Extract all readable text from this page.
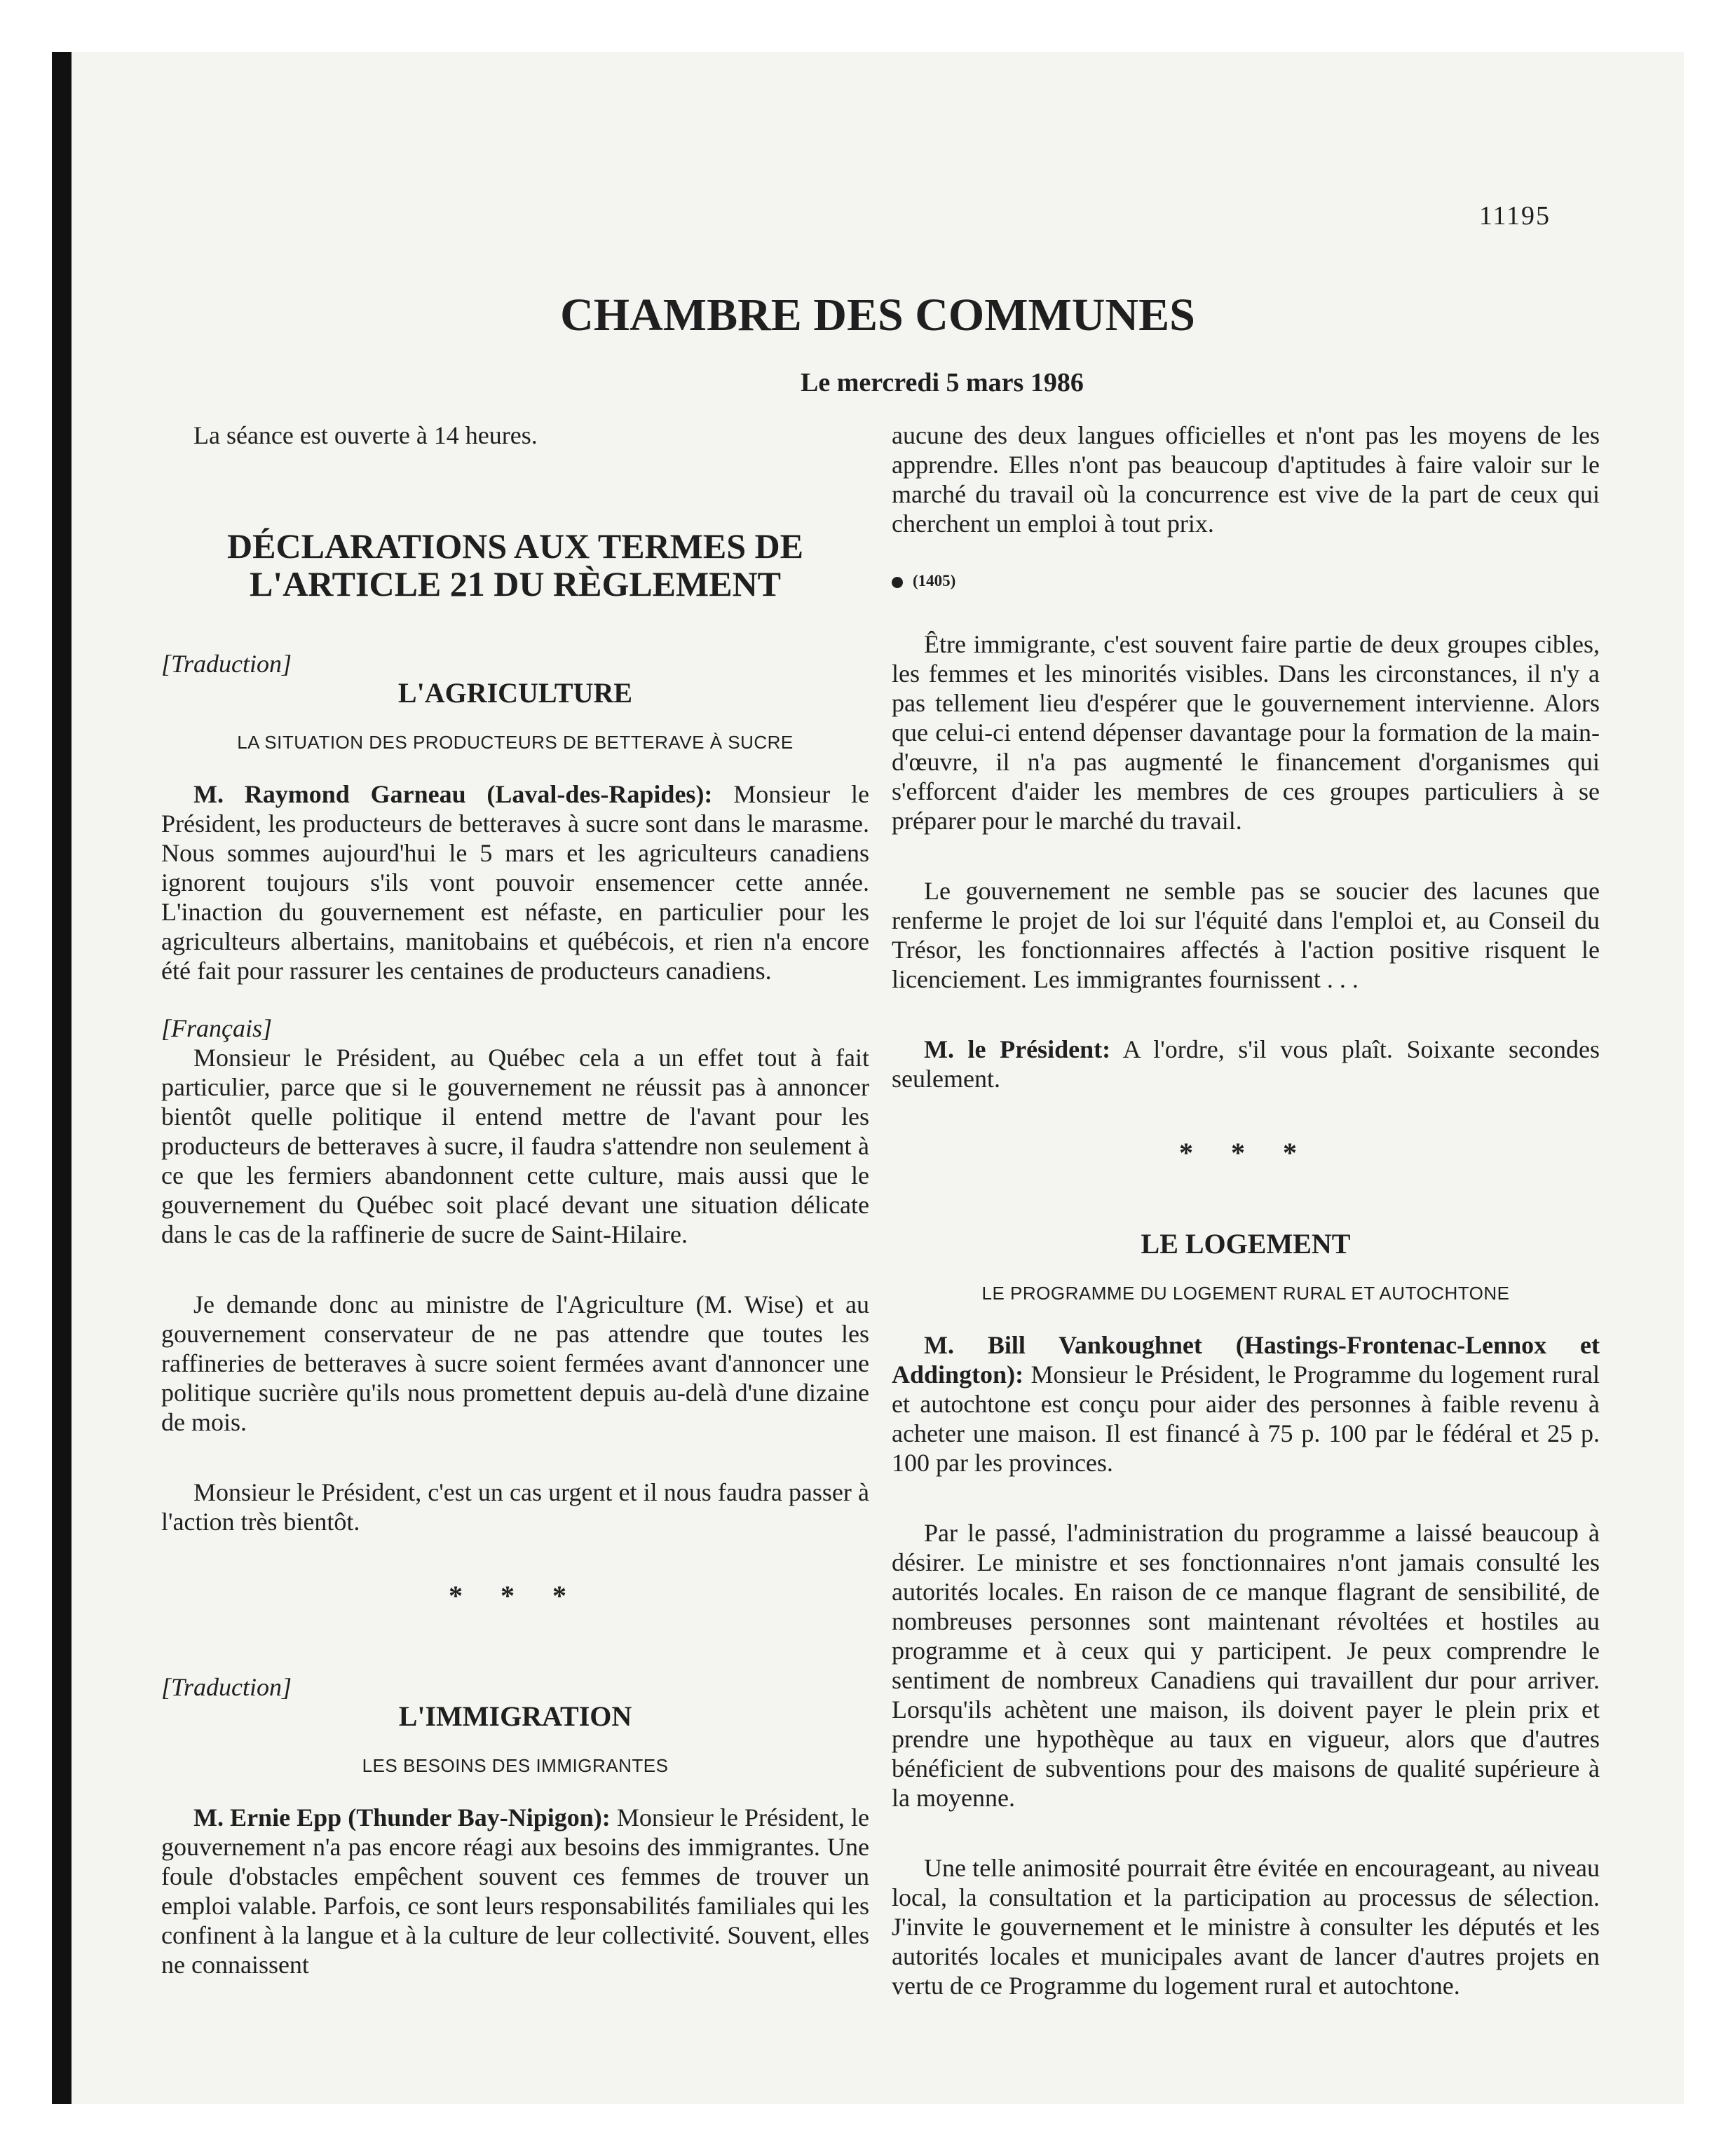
11195
CHAMBRE DES COMMUNES
Le mercredi 5 mars 1986

La séance est ouverte à 14 heures.

DÉCLARATIONS AUX TERMES DE L'ARTICLE 21 DU RÈGLEMENT

[Traduction]

L'AGRICULTURE
LA SITUATION DES PRODUCTEURS DE BETTERAVE À SUCRE

M. Raymond Garneau (Laval-des-Rapides): Monsieur le Président, les producteurs de betteraves à sucre sont dans le marasme. Nous sommes aujourd'hui le 5 mars et les agriculteurs canadiens ignorent toujours s'ils vont pouvoir ensemencer cette année. L'inaction du gouvernement est néfaste, en particulier pour les agriculteurs albertains, manitobains et québécois, et rien n'a encore été fait pour rassurer les centaines de producteurs canadiens.

[Français]

Monsieur le Président, au Québec cela a un effet tout à fait particulier, parce que si le gouvernement ne réussit pas à annoncer bientôt quelle politique il entend mettre de l'avant pour les producteurs de betteraves à sucre, il faudra s'attendre non seulement à ce que les fermiers abandonnent cette culture, mais aussi que le gouvernement du Québec soit placé devant une situation délicate dans le cas de la raffinerie de sucre de Saint-Hilaire.

Je demande donc au ministre de l'Agriculture (M. Wise) et au gouvernement conservateur de ne pas attendre que toutes les raffineries de betteraves à sucre soient fermées avant d'annoncer une politique sucrière qu'ils nous promettent depuis au-delà d'une dizaine de mois.

Monsieur le Président, c'est un cas urgent et il nous faudra passer à l'action très bientôt.

* * *

[Traduction]

L'IMMIGRATION
LES BESOINS DES IMMIGRANTES

M. Ernie Epp (Thunder Bay-Nipigon): Monsieur le Président, le gouvernement n'a pas encore réagi aux besoins des immigrantes. Une foule d'obstacles empêchent souvent ces femmes de trouver un emploi valable. Parfois, ce sont leurs responsabilités familiales qui les confinent à la langue et à la culture de leur collectivité. Souvent, elles ne connaissent

aucune des deux langues officielles et n'ont pas les moyens de les apprendre. Elles n'ont pas beaucoup d'aptitudes à faire valoir sur le marché du travail où la concurrence est vive de la part de ceux qui cherchent un emploi à tout prix.

(1405)

Être immigrante, c'est souvent faire partie de deux groupes cibles, les femmes et les minorités visibles. Dans les circonstances, il n'y a pas tellement lieu d'espérer que le gouvernement intervienne. Alors que celui-ci entend dépenser davantage pour la formation de la main-d'œuvre, il n'a pas augmenté le financement d'organismes qui s'efforcent d'aider les membres de ces groupes particuliers à se préparer pour le marché du travail.

Le gouvernement ne semble pas se soucier des lacunes que renferme le projet de loi sur l'équité dans l'emploi et, au Conseil du Trésor, les fonctionnaires affectés à l'action positive risquent le licenciement. Les immigrantes fournissent . . .

M. le Président: A l'ordre, s'il vous plaît. Soixante secondes seulement.

* * *
LE LOGEMENT
LE PROGRAMME DU LOGEMENT RURAL ET AUTOCHTONE

M. Bill Vankoughnet (Hastings-Frontenac-Lennox et Addington): Monsieur le Président, le Programme du logement rural et autochtone est conçu pour aider des personnes à faible revenu à acheter une maison. Il est financé à 75 p. 100 par le fédéral et 25 p. 100 par les provinces.

Par le passé, l'administration du programme a laissé beaucoup à désirer. Le ministre et ses fonctionnaires n'ont jamais consulté les autorités locales. En raison de ce manque flagrant de sensibilité, de nombreuses personnes sont maintenant révoltées et hostiles au programme et à ceux qui y participent. Je peux comprendre le sentiment de nombreux Canadiens qui travaillent dur pour arriver. Lorsqu'ils achètent une maison, ils doivent payer le plein prix et prendre une hypothèque au taux en vigueur, alors que d'autres bénéficient de subventions pour des maisons de qualité supérieure à la moyenne.

Une telle animosité pourrait être évitée en encourageant, au niveau local, la consultation et la participation au processus de sélection. J'invite le gouvernement et le ministre à consulter les députés et les autorités locales et municipales avant de lancer d'autres projets en vertu de ce Programme du logement rural et autochtone.
